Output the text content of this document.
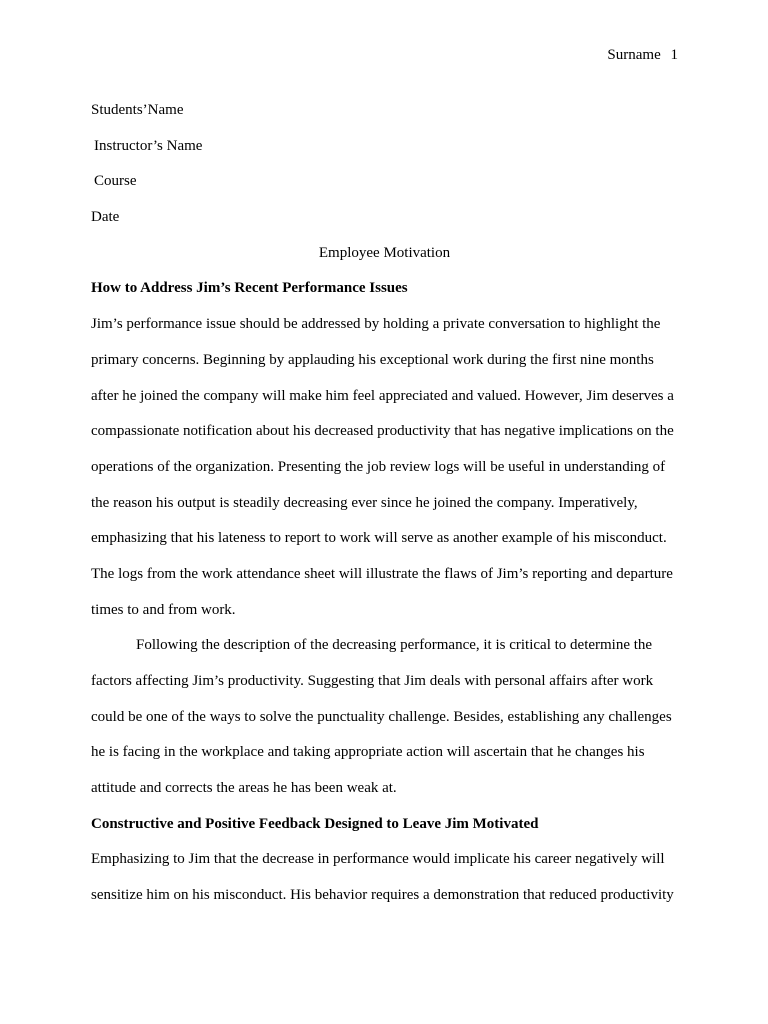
Surname 1
Students’Name
Instructor’s Name
Course
Date
Employee Motivation
How to Address Jim’s Recent Performance Issues
Jim’s performance issue should be addressed by holding a private conversation to highlight the
primary concerns. Beginning by applauding his exceptional work during the first nine months
after he joined the company will make him feel appreciated and valued. However, Jim deserves a
compassionate notification about his decreased productivity that has negative implications on the
operations of the organization. Presenting the job review logs will be useful in understanding of
the reason his output is steadily decreasing ever since he joined the company. Imperatively,
emphasizing that his lateness to report to work will serve as another example of his misconduct.
The logs from the work attendance sheet will illustrate the flaws of Jim’s reporting and departure
times to and from work.
Following the description of the decreasing performance, it is critical to determine the
factors affecting Jim’s productivity. Suggesting that Jim deals with personal affairs after work
could be one of the ways to solve the punctuality challenge. Besides, establishing any challenges
he is facing in the workplace and taking appropriate action will ascertain that he changes his
attitude and corrects the areas he has been weak at.
Constructive and Positive Feedback Designed to Leave Jim Motivated
Emphasizing to Jim that the decrease in performance would implicate his career negatively will
sensitize him on his misconduct. His behavior requires a demonstration that reduced productivity
